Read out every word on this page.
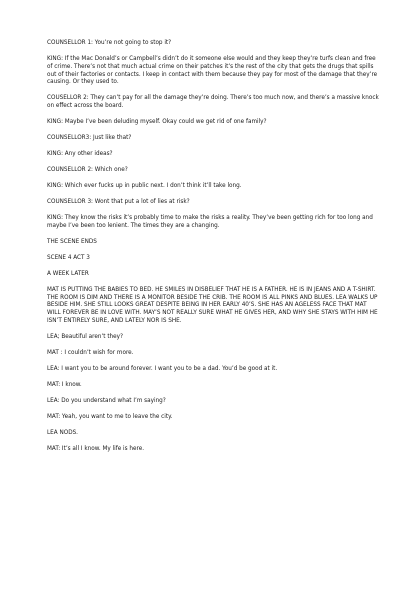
COUNSELLOR 1: You’re not going to stop it?

KING: If the Mac Donald’s or Campbell’s didn’t do it someone else would and they keep they’re turfs clean and free of crime. There’s not that much actual crime on their patches it’s the rest of the city that gets the drugs that spills out of their factories or contacts. I keep in contact with them because they pay for most of the damage that they’re causing. Or they used to.

COUSELLOR 2: They can’t pay for all the damage they’re doing. There’s too much now, and there’s a massive knock on effect across the board.

KING: Maybe I’ve been deluding myself. Okay could we get rid of one family?

COUNSELLOR3: Just like that?

KING: Any other ideas?

COUNSELLOR 2: Which one?

KING: Which ever fucks up in public next. I don’t think it’ll take long.

COUNSELLOR 3: Wont that put a lot of lies at risk?

KING: They know the risks it’s probably time to make the risks a reality. They’ve been getting rich for too long and maybe I’ve been too lenient. The times they are a changing.

THE SCENE ENDS

SCENE 4 ACT 3

A WEEK LATER

MAT IS PUTTING THE BABIES TO BED. HE SMILES IN DISBELIEF THAT HE IS A FATHER. HE IS IN JEANS AND A T-SHIRT. THE ROOM IS DIM AND THERE IS A MONITOR BESIDE THE CRIB. THE ROOM IS ALL PINKS AND BLUES. LEA WALKS UP BESIDE HIM. SHE STILL LOOKS GREAT DESPITE BEING IN HER EARLY 40’S. SHE HAS AN AGELESS FACE THAT MAT WILL FOREVER BE IN LOVE WITH. MAY’S NOT REALLY SURE WHAT HE GIVES HER, AND WHY SHE STAYS WITH HIM HE ISN’T ENTIRELY SURE, AND LATELY NOR IS SHE.

LEA; Beautiful aren’t they?

MAT : I couldn’t wish for more.

LEA: I want you to be around forever. I want you to be a dad. You’d be good at it.

MAT: I know.

LEA: Do you understand what I’m saying?

MAT: Yeah, you want to me to leave the city.

LEA NODS.

MAT: It’s all I know. My life is here.
